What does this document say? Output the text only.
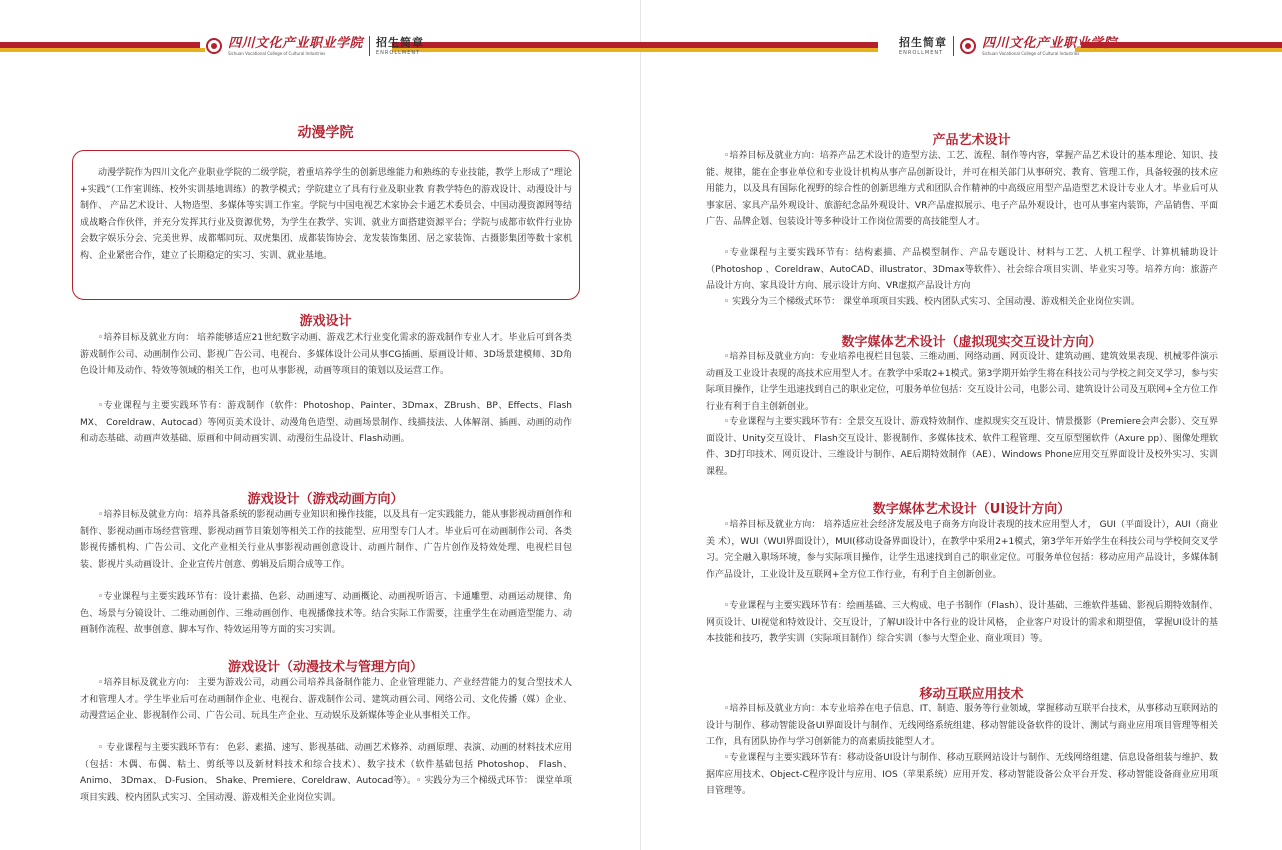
四川文化产业职业学院
Sichuan Vocational College of Cultural Industries
招生简章
ENROLLMENT
动漫学院

动漫学院作为四川文化产业职业学院的二级学院，着重培养学生的创新思维能力和熟练的专业技能，教学上形成了“理论+实践”（工作室训练、校外实训基地训练）的教学模式；学院建立了具有行业及职业教 育教学特色的游戏设计、动漫设计与制作、 产品艺术设计、人物造型、多媒体等实训工作室。学院与中国电视艺术家协会卡通艺术委员会、中国动漫资源网等结成战略合作伙伴，并充分发挥其行业及资源优势，为学生在教学、实训、就业方面搭建资源平台；学院与成都市软件行业协会数字娱乐分会、完美世界、成都郫同玩、双虎集团、成都装饰协会、龙发装饰集团、居之家装饰、古摄影集团等数十家机构、企业紧密合作，建立了长期稳定的实习、实训、就业基地。

游戏设计

◦培养目标及就业方向： 培养能够适应21世纪数字动画、游戏艺术行业变化需求的游戏制作专业人才。毕业后可到各类游戏制作公司、动画制作公司、影视广告公司、电视台、多媒体设计公司从事CG插画、原画设计师、3D场景建模师、3D角色设计师及动作、特效等领域的相关工作，也可从事影视，动画等项目的策划以及运营工作。

◦专业课程与主要实践环节有：游戏制作（软件：Photoshop、Painter、3Dmax、ZBrush、BP、Effects、Flash MX、 Coreldraw、Autocad）等网页美术设计、动漫角色造型、动画场景制作、线描技法、人体解剖、插画、动画的动作和动态基础、动画声效基础、原画和中间动画实训、动漫衍生品设计、Flash动画。

游戏设计（游戏动画方向）

◦培养目标及就业方向：培养具备系统的影视动画专业知识和操作技能，以及具有一定实践能力，能从事影视动画创作和制作、影视动画市场经营管理、影视动画节目策划等相关工作的技能型、应用型专门人才。毕业后可在动画制作公司、各类影视传播机构、广告公司、文化产业相关行业从事影视动画创意设计、动画片制作、广告片创作及特效处理、电视栏目包装、影视片头动画设计、企业宣传片创意、剪辑及后期合成等工作。

◦专业课程与主要实践环节有：设计素描、色彩、动画速写、动画概论、动画视听语言、卡通雕塑、动画运动规律、角色、场景与分镜设计、二维动画创作、三维动画创作、电视播像技术等。结合实际工作需要，注重学生在动画造型能力、动画制作流程、故事创意、脚本写作、特效运用等方面的实习实训。

游戏设计（动漫技术与管理方向）

◦培养目标及就业方向： 主要为游戏公司，动画公司培养具备制作能力、企业管理能力、产业经营能力的复合型技术人才和管理人才。学生毕业后可在动画制作企业、电视台、游戏制作公司、建筑动画公司、网络公司、文化传播（媒）企业、动漫营运企业、影视制作公司、广告公司、玩具生产企业、互动娱乐及新媒体等企业从事相关工作。

◦ 专业课程与主要实践环节有： 色彩、素描、速写、影视基础、动画艺术修养、动画原理、表演、动画的材料技术应用（包括：木偶、布偶、粘土、剪纸等以及新材料技术和综合技术）、数字技术（软件基础包括 Photoshop、 Flash、 Animo、 3Dmax、 D-Fusion、 Shake、Premiere、Coreldraw、Autocad等）。◦ 实践分为三个梯级式环节： 课堂单项项目实践、校内团队式实习、全国动漫、游戏相关企业岗位实训。

招生简章
ENROLLMENT
四川文化产业职业学院
Sichuan Vocational College of Cultural Industries
产品艺术设计

◦培养目标及就业方向：培养产品艺术设计的造型方法、工艺、流程、制作等内容，掌握产品艺术设计的基本理论、知识、技能、规律，能在企事业单位和专业设计机构从事产品创新设计，并可在相关部门从事研究、教育、管理工作，具备较强的技术应用能力，以及具有国际化视野的综合性的创新思维方式和团队合作精神的中高级应用型产品造型艺术设计专业人才。毕业后可从事家居、家具产品外观设计、旅游纪念品外观设计、VR产品虚拟展示、电子产品外观设计，也可从事室内装饰，产品销售、平面广告、品牌企划、包装设计等多种设计工作岗位需要的高技能型人才。

◦专业课程与主要实践环节有：结构素描、产品模型制作、产品专题设计、材料与工艺、人机工程学、计算机辅助设计（Photoshop 、Coreldraw、AutoCAD、illustrator、3Dmax等软件）、社会综合项目实训、毕业实习等。培养方向：旅游产品设计方向、家具设计方向、展示设计方向、VR虚拟产品设计方向

◦ 实践分为三个梯级式环节： 课堂单项项目实践、校内团队式实习、全国动漫、游戏相关企业岗位实训。

数字媒体艺术设计（虚拟现实交互设计方向）

◦培养目标及就业方向：专业培养电视栏目包装、三维动画、网络动画、网页设计、建筑动画、建筑效果表现、机械零件演示动画及工业设计表现的高技术应用型人才。在教学中采取2+1模式。第3学期开始学生将在科技公司与学校之间交叉学习，参与实际项目操作，让学生迅速找到自己的职业定位，可服务单位包括：交互设计公司，电影公司、建筑设计公司及互联网+全方位工作行业有利于自主创新创业。

◦专业课程与主要实践环节有：全景交互设计、游戏特效制作、虚拟现实交互设计、情景摄影（Premiere会声会影）、交互界面设计、Unity交互设计、 Flash交互设计、影视制作、多媒体技术、软件工程管理、交互原型图软件（Axure pp）、图像处理软件、3D打印技术、网页设计、三维设计与制作、AE后期特效制作（AE）、Windows Phone应用交互界面设计及校外实习、实训课程。

数字媒体艺术设计（UI设计方向）

◦培养目标及就业方向： 培养适应社会经济发展及电子商务方向设计表现的技术应用型人才， GUI（平面设计），AUI（商业美 术），WUI（WUI界面设计），MUI(移动设备界面设计），在教学中采用2+1模式，第3学年开始学生在科技公司与学校间交叉学习。完全融入职场环境，参与实际项目操作，让学生迅速找到自己的职业定位。可服务单位包括：移动应用产品设计，多媒体制作产品设计，工业设计及互联网+全方位工作行业，有利于自主创新创业。

◦专业课程与主要实践环节有：绘画基础、三大构成、电子书制作（Flash）、设计基础、三维软件基础、影视后期特效制作、 网页设计、UI视觉和特效设计、交互设计，了解UI设计中各行业的设计风格， 企业客户对设计的需求和期望值， 掌握UI设计的基本技能和技巧，教学实训（实际项目制作）综合实训（参与大型企业、商业项目）等。

移动互联应用技术

◦培养目标及就业方向：本专业培养在电子信息、IT、制造、服务等行业领域，掌握移动互联平台技术，从事移动互联网站的设计与制作、移动智能设备UI界面设计与制作、无线网络系统组建、移动智能设备软件的设计、测试与商业应用项目管理等相关工作，具有团队协作与学习创新能力的高素质技能型人才。

◦专业课程与主要实践环节有：移动设备UI设计与制作、移动互联网站设计与制作、无线网络组建、信息设备组装与维护、数据库应用技术、Object-C程序设计与应用、IOS（苹果系统）应用开发、移动智能设备公众平台开发、移动智能设备商业应用项目管理等。
